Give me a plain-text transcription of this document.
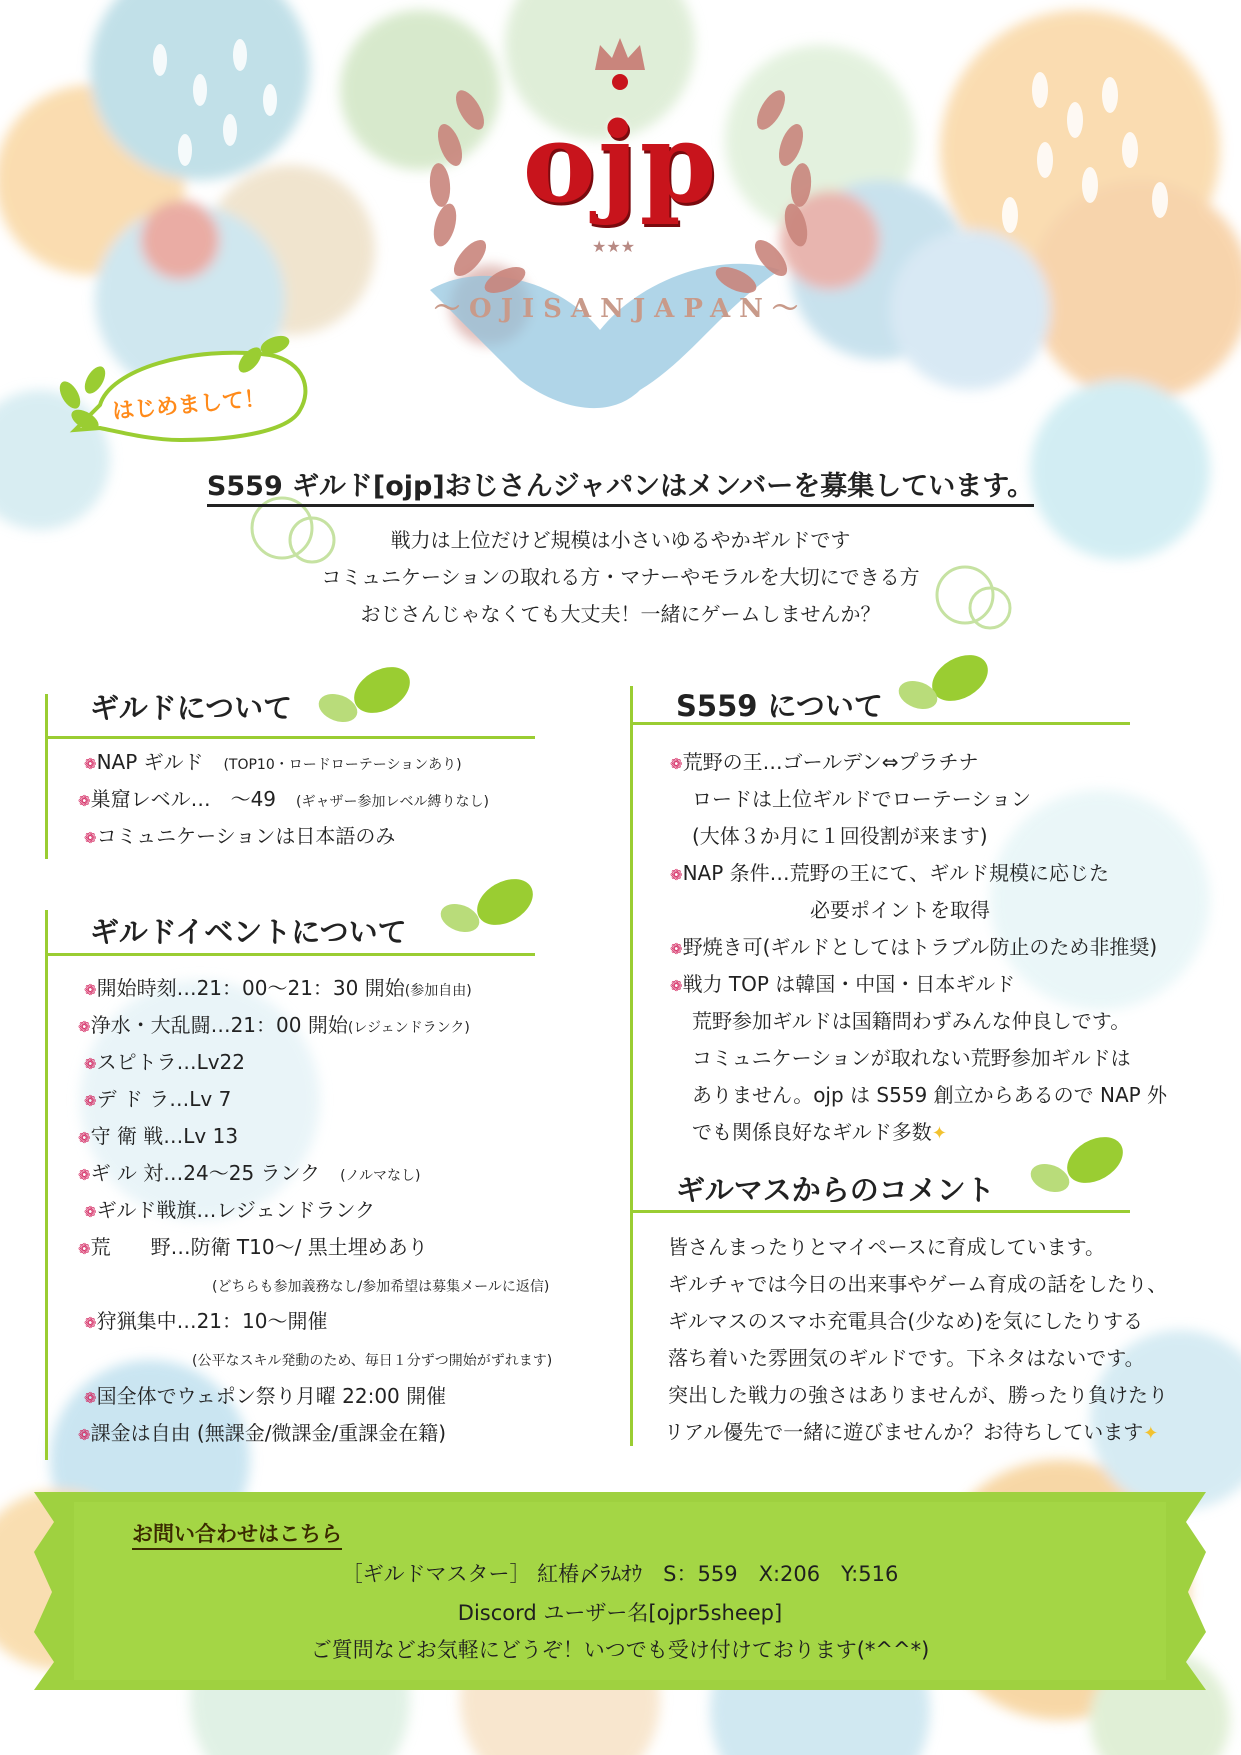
★★★
ojp
～OJISANJAPAN～
はじめまして！
S559 ギルド[ojp]おじさんジャパンはメンバーを募集しています。
戦力は上位だけど規模は小さいゆるやかギルドです
コミュニケーションの取れる方・マナーやモラルを大切にできる方
おじさんじゃなくても大丈夫！一緒にゲームしませんか？
ギルドについて
❁NAP ギルド　 (TOP10・ロードローテーションあり)
❁巣窟レベル…　～49　 (ギャザー参加レベル縛りなし)
❁コミュニケーションは日本語のみ
ギルドイベントについて
❁開始時刻…21：00～21：30 開始(参加自由)
❁浄水・大乱闘…21：00 開始(レジェンドランク)
❁スピトラ…Lv22
❁デ ド ラ…Lv 7
❁守 衛 戦…Lv 13
❁ギ ル 対…24～25 ランク　 (ノルマなし)
❁ギルド戦旗…レジェンドランク
❁荒　　野…防衛 T10～/ 黒土埋めあり
(どちらも参加義務なし/参加希望は募集メールに返信)
❁狩猟集中…21：10～開催
(公平なスキル発動のため、毎日１分ずつ開始がずれます)
❁国全体でウェポン祭り月曜 22:00 開催
❁課金は自由 (無課金/微課金/重課金在籍)
S559 について
❁荒野の王…ゴールデン⇔プラチナ
ロードは上位ギルドでローテーション
(大体３か月に１回役割が来ます)
❁NAP 条件…荒野の王にて、ギルド規模に応じた
必要ポイントを取得
❁野焼き可(ギルドとしてはトラブル防止のため非推奨)
❁戦力 TOP は韓国・中国・日本ギルド
荒野参加ギルドは国籍問わずみんな仲良しです。
コミュニケーションが取れない荒野参加ギルドは
ありません。ojp は S559 創立からあるので NAP 外
でも関係良好なギルド多数✦
ギルマスからのコメント
皆さんまったりとマイペースに育成しています。
ギルチャでは今日の出来事やゲーム育成の話をしたり、
ギルマスのスマホ充電具合(少なめ)を気にしたりする
落ち着いた雰囲気のギルドです。下ネタはないです。
突出した戦力の強さはありませんが、勝ったり負けたり
リアル優先で一緒に遊びませんか？お待ちしています✦
お問い合わせはこちら
［ギルドマスター］ 紅椿〆ﾗﾑｵｳ　S：559　X:206　Y:516
Discord ユーザー名[ojpr5sheep]
ご質問などお気軽にどうぞ！いつでも受け付けております(*^^*)
